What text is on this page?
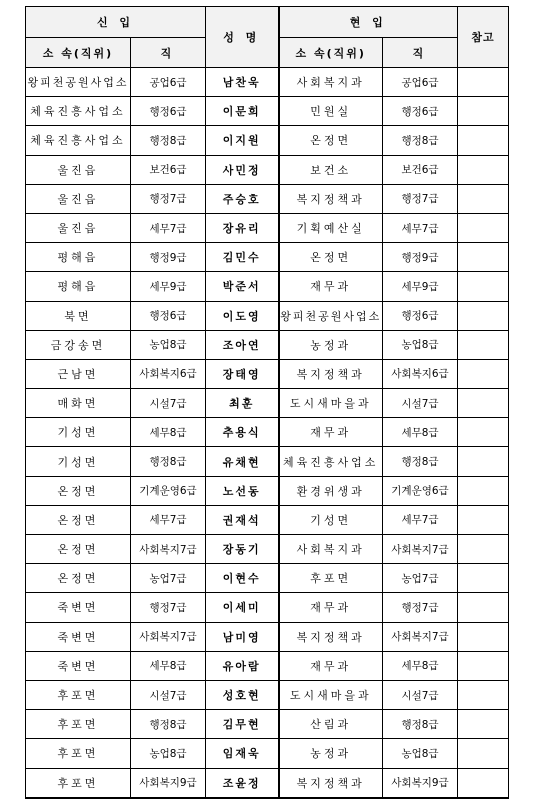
신 입		성 명	현 입		참고
소 속(직위)	직		소 속(직위)	직	
왕피천공원사업소	공업6급	남찬욱	사회복지과	공업6급	
체육진흥사업소	행정6급	이문희	민원실	행정6급	
체육진흥사업소	행정8급	이지원	온정면	행정8급	
울진읍	보건6급	사민정	보건소	보건6급	
울진읍	행정7급	주승호	복지정책과	행정7급	
울진읍	세무7급	장유리	기획예산실	세무7급	
평해읍	행정9급	김민수	온정면	행정9급	
평해읍	세무9급	박준서	재무과	세무9급	
북면	행정6급	이도영	왕피천공원사업소	행정6급	
금강송면	농업8급	조아연	농정과	농업8급	
근남면	사회복지6급	장태영	복지정책과	사회복지6급	
매화면	시설7급	최훈	도시새마을과	시설7급	
기성면	세무8급	추용식	재무과	세무8급	
기성면	행정8급	유채현	체육진흥사업소	행정8급	
온정면	기계운영6급	노선동	환경위생과	기계운영6급	
온정면	세무7급	권재석	기성면	세무7급	
온정면	사회복지7급	장동기	사회복지과	사회복지7급	
온정면	농업7급	이현수	후포면	농업7급	
죽변면	행정7급	이세미	재무과	행정7급	
죽변면	사회복지7급	남미영	복지정책과	사회복지7급	
죽변면	세무8급	유아람	재무과	세무8급	
후포면	시설7급	성호현	도시새마을과	시설7급	
후포면	행정8급	김무현	산림과	행정8급	
후포면	농업8급	임재욱	농정과	농업8급	
후포면	사회복지9급	조윤정	복지정책과	사회복지9급	
